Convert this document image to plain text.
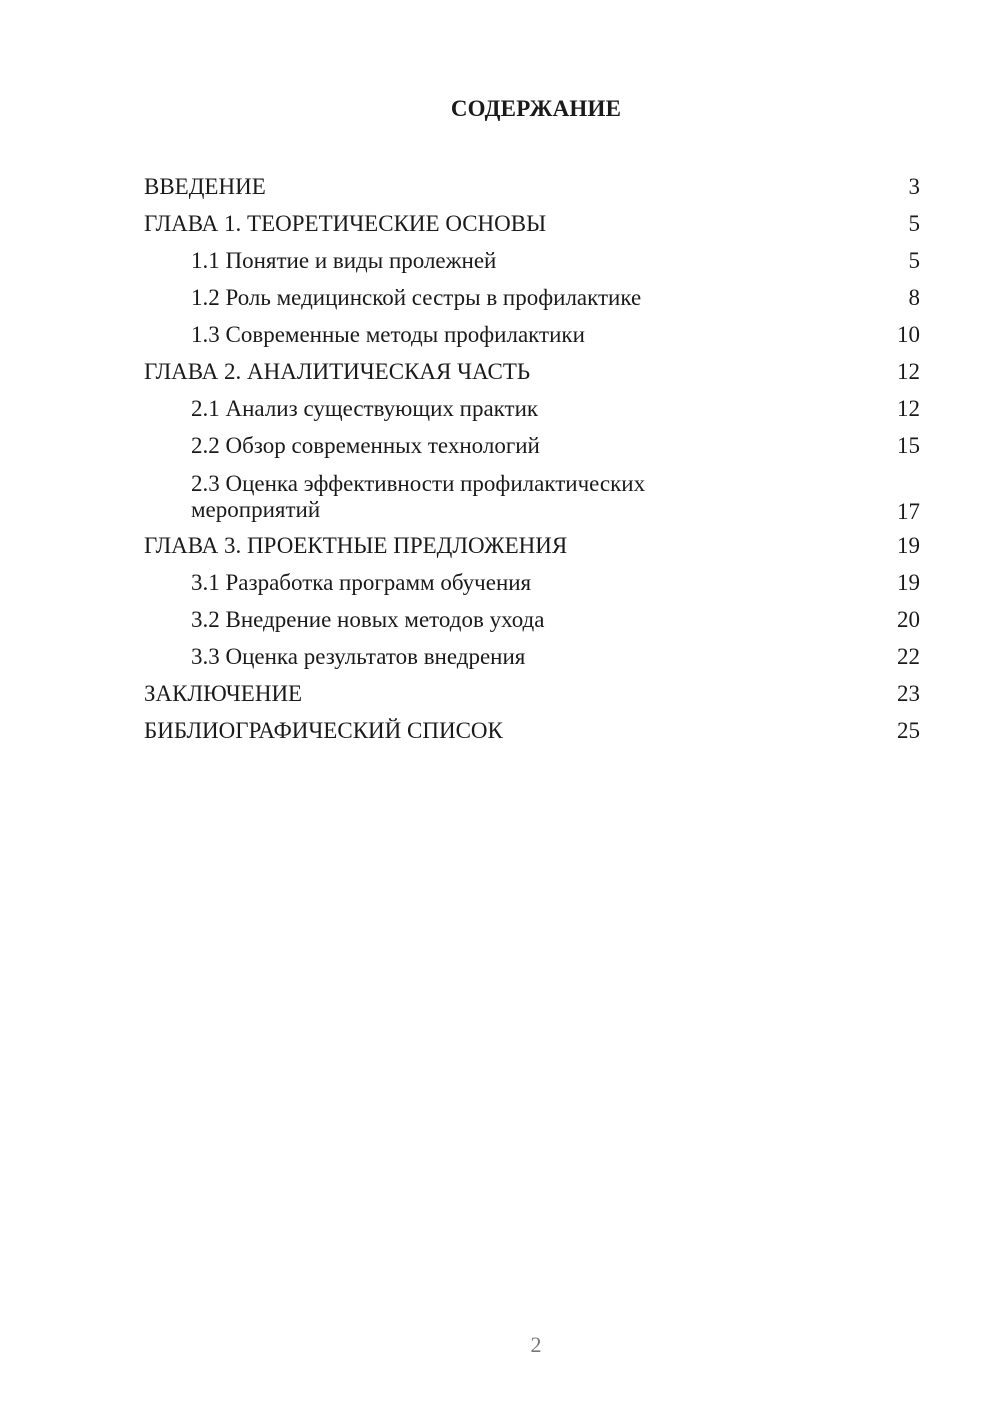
СОДЕРЖАНИЕ
ВВЕДЕНИЕ	3
ГЛАВА 1. ТЕОРЕТИЧЕСКИЕ ОСНОВЫ	5
1.1 Понятие и виды пролежней	5
1.2 Роль медицинской сестры в профилактике	8
1.3 Современные методы профилактики	10
ГЛАВА 2. АНАЛИТИЧЕСКАЯ ЧАСТЬ	12
2.1 Анализ существующих практик	12
2.2 Обзор современных технологий	15
2.3 Оценка эффективности профилактических мероприятий	17
ГЛАВА 3. ПРОЕКТНЫЕ ПРЕДЛОЖЕНИЯ	19
3.1 Разработка программ обучения	19
3.2 Внедрение новых методов ухода	20
3.3 Оценка результатов внедрения	22
ЗАКЛЮЧЕНИЕ	23
БИБЛИОГРАФИЧЕСКИЙ СПИСОК	25
2
